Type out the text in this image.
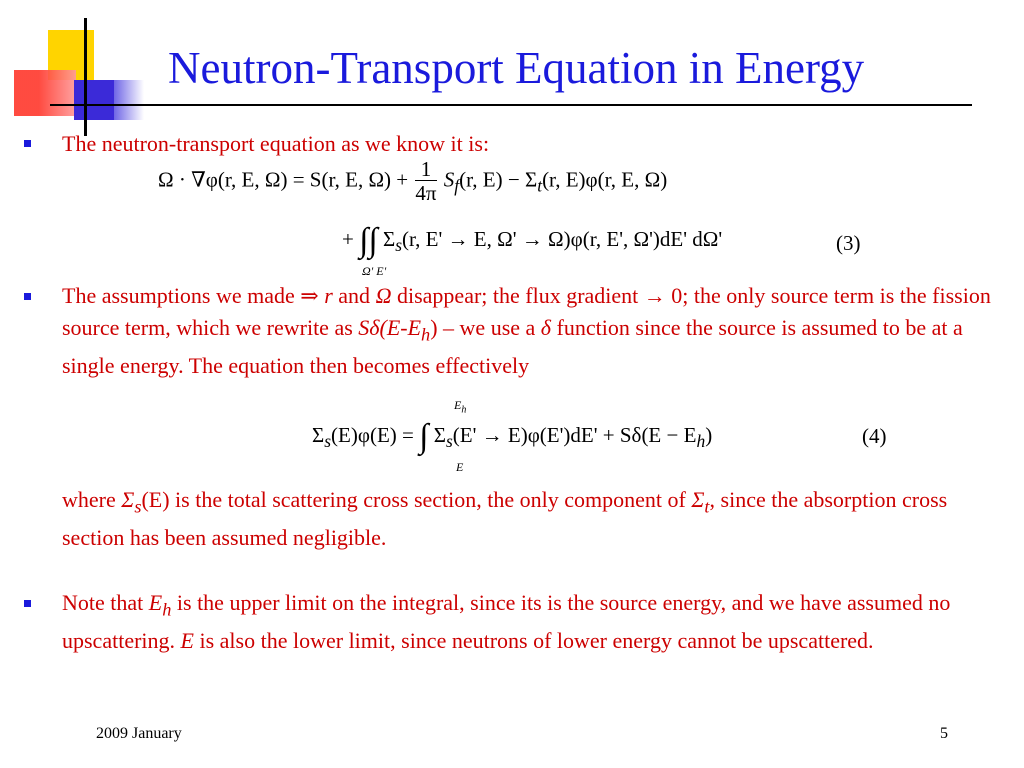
Neutron-Transport Equation in Energy
The neutron-transport equation as we know it is:
Ω · ∇φ(r, E, Ω) = S(r, E, $\Omega) + \frac{1}{4\pi} S_f(r$, $E) - \Sigma_t(r$, E)φ(r, E, Ω)
+ ∫∫ $\Sigma_s(r$, E' → E, Ω' → Ω)φ(r, E', Ω')dE' dΩ'
Ω' E'
(3)
The assumptions we made ⇒ r and Ω disappear; the flux gradient → 0; the only source term is the fission source term, which we rewrite as $S\delta(E-E_h)$ – we use a δ function since the source is assumed to be at a single energy. The equation then becomes effectively
$E_h$
$\Sigma_s(E)\varphi(E)$ = ∫ $\Sigma_s(E' \to E)\varphi(E')dE' + S\delta(E - E_h)$
E
(4)
where $\Sigma_s(E)$ is the total scattering cross section, the only component of $\Sigma_t$, since the absorption cross section has been assumed negligible.
Note that $E_h$ is the upper limit on the integral, since its is the source energy, and we have assumed no upscattering. E is also the lower limit, since neutrons of lower energy cannot be upscattered.
2009 January	5
